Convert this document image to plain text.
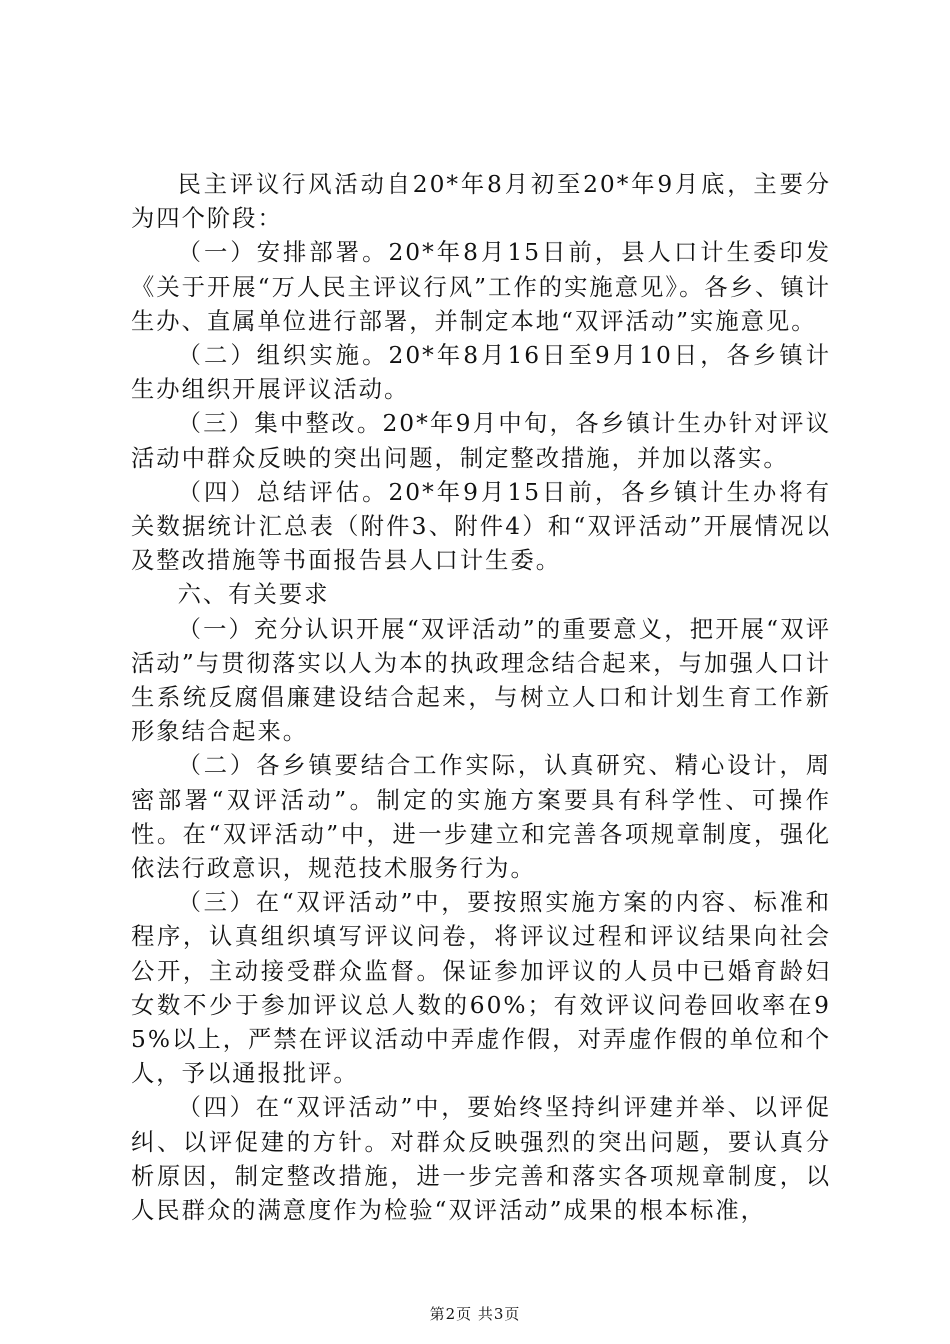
民主评议行风活动自20*年8月初至20*年9月底，主要分为四个阶段：

（一）安排部署。20*年8月15日前，县人口计生委印发《关于开展“万人民主评议行风”工作的实施意见》。各乡、镇计生办、直属单位进行部署，并制定本地“双评活动”实施意见。

（二）组织实施。20*年8月16日至9月10日，各乡镇计生办组织开展评议活动。

（三）集中整改。20*年9月中旬，各乡镇计生办针对评议活动中群众反映的突出问题，制定整改措施，并加以落实。

（四）总结评估。20*年9月15日前，各乡镇计生办将有关数据统计汇总表（附件3、附件4）和“双评活动”开展情况以及整改措施等书面报告县人口计生委。

六、有关要求

（一）充分认识开展“双评活动”的重要意义，把开展“双评活动”与贯彻落实以人为本的执政理念结合起来，与加强人口计生系统反腐倡廉建设结合起来，与树立人口和计划生育工作新形象结合起来。

（二）各乡镇要结合工作实际，认真研究、精心设计，周密部署“双评活动”。制定的实施方案要具有科学性、可操作性。在“双评活动”中，进一步建立和完善各项规章制度，强化依法行政意识，规范技术服务行为。

（三）在“双评活动”中，要按照实施方案的内容、标准和程序，认真组织填写评议问卷，将评议过程和评议结果向社会公开，主动接受群众监督。保证参加评议的人员中已婚育龄妇女数不少于参加评议总人数的60%；有效评议问卷回收率在95%以上，严禁在评议活动中弄虚作假，对弄虚作假的单位和个人，予以通报批评。

（四）在“双评活动”中，要始终坚持纠评建并举、以评促纠、以评促建的方针。对群众反映强烈的突出问题，要认真分析原因，制定整改措施，进一步完善和落实各项规章制度，以人民群众的满意度作为检验“双评活动”成果的根本标准，

第2页 共3页
